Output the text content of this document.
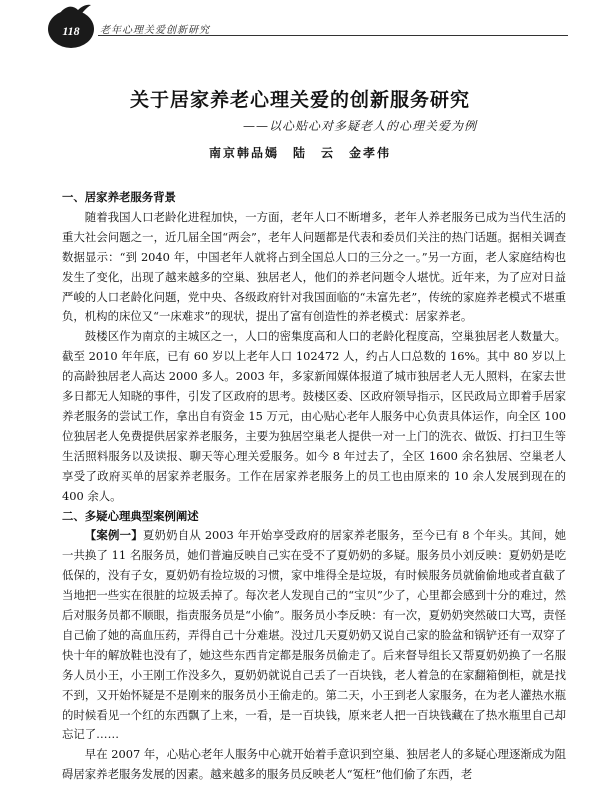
118	老年心理关爱创新研究
关于居家养老心理关爱的创新服务研究
——以心贴心对多疑老人的心理关爱为例
南京韩品嫣　陆　云　金孝伟
一、居家养老服务背景

随着我国人口老龄化进程加快，一方面，老年人口不断增多，老年人养老服务已成为当代生活的重大社会问题之一，近几届全国“两会”，老年人问题都是代表和委员们关注的热门话题。据相关调查数据显示：“到 2040 年，中国老年人就将占到全国总人口的三分之一。”另一方面，老人家庭结构也发生了变化，出现了越来越多的空巢、独居老人，他们的养老问题令人堪忧。近年来，为了应对日益严峻的人口老龄化问题，党中央、各级政府针对我国面临的“未富先老”，传统的家庭养老模式不堪重负，机构的床位又“一床难求”的现状，提出了富有创造性的养老模式：居家养老。

鼓楼区作为南京的主城区之一，人口的密集度高和人口的老龄化程度高，空巢独居老人数量大。截至 2010 年年底，已有 60 岁以上老年人口 102472 人，约占人口总数的 16%。其中 80 岁以上的高龄独居老人高达 2000 多人。2003 年，多家新闻媒体报道了城市独居老人无人照料，在家去世多日都无人知晓的事件，引发了区政府的思考。鼓楼区委、区政府领导指示，区民政局立即着手居家养老服务的尝试工作，拿出自有资金 15 万元，由心贴心老年人服务中心负责具体运作，向全区 100 位独居老人免费提供居家养老服务，主要为独居空巢老人提供一对一上门的洗衣、做饭、打扫卫生等生活照料服务以及读报、聊天等心理关爱服务。如今 8 年过去了，全区 1600 余名独居、空巢老人享受了政府买单的居家养老服务。工作在居家养老服务上的员工也由原来的 10 余人发展到现在的 400 余人。

二、多疑心理典型案例阐述

【案例一】夏奶奶自从 2003 年开始享受政府的居家养老服务，至今已有 8 个年头。其间，她一共换了 11 名服务员，她们普遍反映自己实在受不了夏奶奶的多疑。服务员小刘反映：夏奶奶是吃低保的，没有子女，夏奶奶有捡垃圾的习惯，家中堆得全是垃圾，有时候服务员就偷偷地或者直截了当地把一些实在很脏的垃圾丢掉了。每次老人发现自己的“宝贝”少了，心里都会感到十分的难过，然后对服务员都不顺眼，指责服务员是“小偷”。服务员小李反映：有一次，夏奶奶突然破口大骂，责怪自己偷了她的高血压药，弄得自己十分难堪。没过几天夏奶奶又说自己家的脸盆和锅铲还有一双穿了快十年的解放鞋也没有了，她这些东西肯定都是服务员偷走了。后来督导组长又帮夏奶奶换了一名服务人员小王，小王刚工作没多久，夏奶奶就说自己丢了一百块钱，老人着急的在家翻箱倒柜，就是找不到，又开始怀疑是不是刚来的服务员小王偷走的。第二天，小王到老人家服务，在为老人灌热水瓶的时候看见一个红的东西飘了上来，一看，是一百块钱，原来老人把一百块钱藏在了热水瓶里自己却忘记了……

早在 2007 年，心贴心老年人服务中心就开始着手意识到空巢、独居老人的多疑心理逐渐成为阻碍居家养老服务发展的因素。越来越多的服务员反映老人“冤枉”他们偷了东西，老
